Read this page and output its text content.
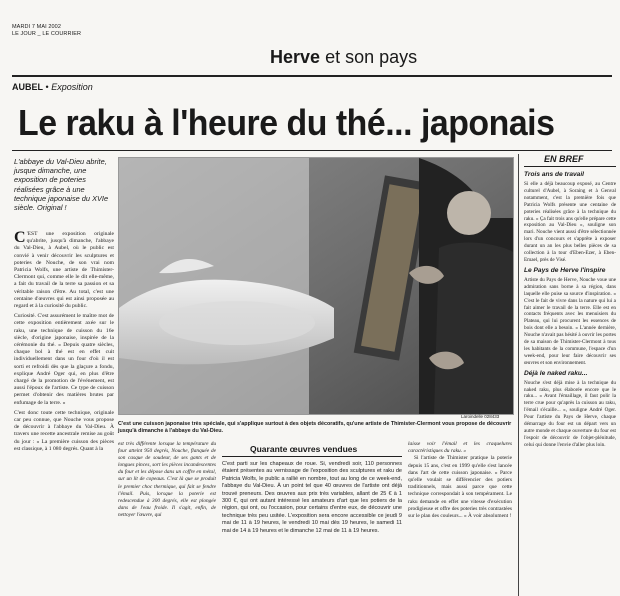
MARDI 7 MAI 2002
LE JOUR _ LE COURRIER
Herve et son pays
AUBEL • Exposition
Le raku à l'heure du thé... japonais
L'abbaye du Val-Dieu abrite, jusque dimanche, une exposition de poteries réalisées grâce à une technique japonaise du XVIe siècle. Original !

C 'EST une exposition originale qu'abrite, jusqu'à dimanche, l'abbaye du Val-Dieu, à Aubel, où le public est convié à venir découvrir les sculptures et poteries de Nouche, de son vrai nom Patricia Wolfs, une artiste de Thimister-Clermont qui, comme elle le dit elle-même, a fait du travail de la terre sa passion et sa véritable raison d'être. Au total, c'est une centaine d'œuvres qui est ainsi proposée au regard et à la curiosité du public.

Curiosité. C'est assurément le maître mot de cette exposition entièrement axée sur le raku, une technique de cuisson du 16e siècle, d'origine japonaise, inspirée de la cérémonie du thé. « Depuis quatre siècles, chaque bol à thé est en effet cuit individuellement dans un four d'où il est sorti et refroidi dès que la glaçure a fondu, explique André Oger qui, en plus d'être chargé de la promotion de l'événement, est aussi l'époux de l'artiste. Ce type de cuisson permet d'obtenir des matières brutes par enfumage de la terre. »

C'est donc toute cette technique, originale car peu connue, que Nouche vous propose de découvrir à l'abbaye du Val-Dieu. À travers une recette ancestrale remise au goût du jour : « La première cuisson des pièces est classique, à 1 080 degrés. Quant à la

Laroindelle 028433
C'est une cuisson japonaise très spéciale, qui s'applique surtout à des objets décoratifs, qu'une artiste de Thimister-Clermont vous propose de découvrir jusqu'à dimanche à l'abbaye du Val-Dieu.
est très différente lorsque la température du four atteint 950 degrés, Nouche, flanquée de son casque de soudeur, de ses gants et de longues pinces, sort les pièces incandescentes du four et les dépose dans un coffre en métal, sur un lit de copeaux. C'est là que se produit le premier choc thermique, qui fait se fendre l'émail. Puis, lorsque la poterie est redescendue à 300 degrés, elle est plongée dans de l'eau froide. Il s'agit, enfin, de nettoyer l'œuvre, qui
Quarante œuvres vendues
C'est parti sur les chapeaux de roue. Si, vendredi soir, 110 personnes étaient présentes au vernissage de l'exposition des sculptures et raku de Patricia Wolfs, le public a rallié en nombre, tout au long de ce week-end, l'abbaye du Val-Dieu. À un point tel que 40 œuvres de l'artiste ont déjà trouvé preneurs. Des œuvres aux prix très variables, allant de 25 € à 1 300 €, qui ont autant intéressé les amateurs d'art que les potiers de la région, qui ont, ou l'occasion, pour certains d'entre eux, de découvrir une technique très peu usitée. L'exposition sera encore accessible ce jeudi 9 mai de 11 à 19 heures, le vendredi 10 mai dès 19 heures, le samedi 11 mai de 14 à 19 heures et le dimanche 12 mai de 11 à 19 heures.
laisse voir l'émail et les craquelures caractéristiques du raku. »
Si l'artiste de Thimister pratique la poterie depuis 15 ans, c'est en 1999 qu'elle s'est lancée dans l'art de cette cuisson japonaise. « Parce qu'elle voulait se différencier des potiers traditionnels, mais aussi parce que cette technique correspondait à son tempérament. Le raku demande en effet une vitesse d'exécution prodigieuse et offre des poteries très contrastées sur le plan des couleurs... » À voir absolument !
EN BREF
Trois ans de travail
Si elle a déjà beaucoup exposé, au Centre culturel d'Aubel, à Soraing et à Genval notamment, c'est la première fois que Patricia Wolfs présente une centaine de poteries réalisées grâce à la technique du raku. « Ça fait trois ans qu'elle prépare cette exposition au Val-Dieu », souligne son mari. Nouche vient aussi d'être sélectionnée lors d'un concours et s'apprête à exposer durant un an les plus belles pièces de sa collection à la tour d'Eben-Ezer, à Eben-Emael, près de Visé.
Le Pays de Herve l'inspire
Artiste du Pays de Herve, Nouche voue une admiration sans borne à sa région, dans laquelle elle puise sa source d'inspiration. « C'est le fait de vivre dans la nature qui lui a fait aimer le travail de la terre. Elle est en contacts fréquents avec les menuisiers du Plateau, qui lui procurent les essences de bois dont elle a besoin. » L'année dernière, Nouche n'avait pas hésité à ouvrir les portes de sa maison de Thimister-Clermont à tous les habitants de la commune, l'espace d'un week-end, pour leur faire découvrir ses œuvres et son environnement.
Déjà le naked raku...
Nouche s'est déjà mise à la technique du naked raku, plus élaborée encore que le raku... « Avant l'émaillage, il faut polir la terre crue pour qu'après la cuisson au raku, l'émail s'écaille... », souligne André Oger. Pour l'artiste du Pays de Herve, chaque démarrage du four est un départ vers un autre monde et chaque ouverture du four est l'espoir de découvrir de l'objet-plénitude, celui qui donne l'envie d'aller plus loin.
